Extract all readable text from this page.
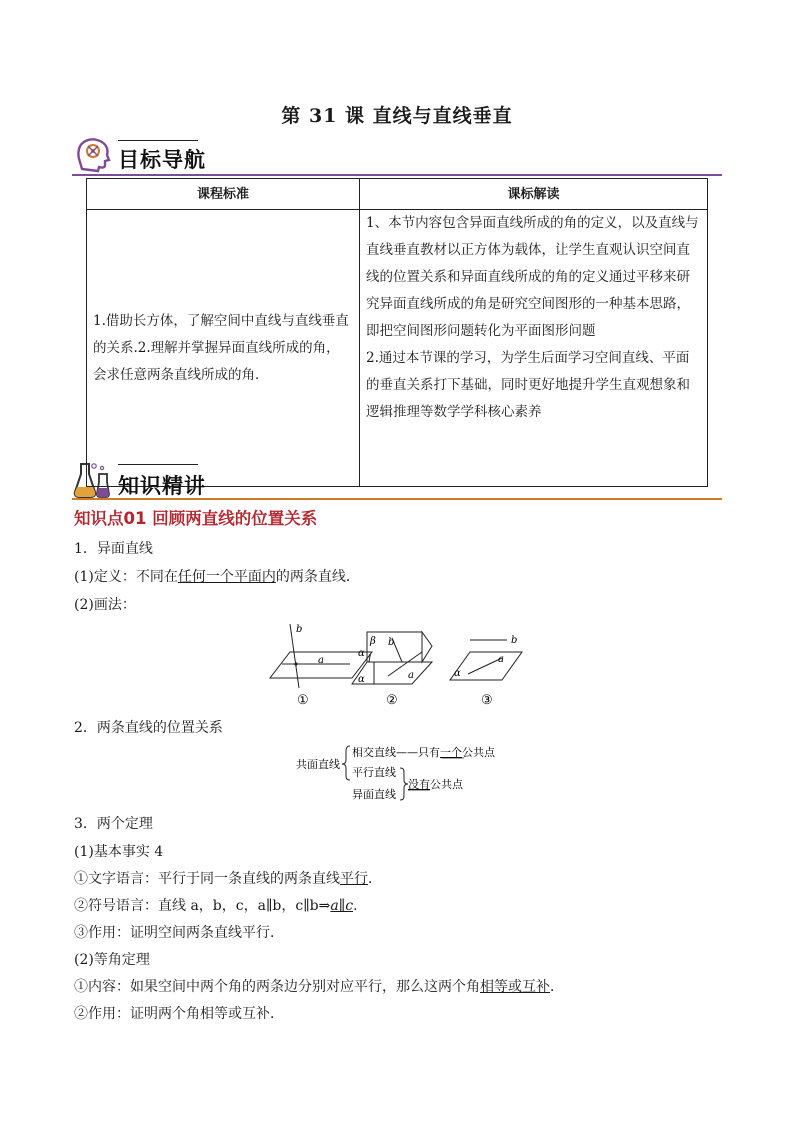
第 31 课 直线与直线垂直
目标导航
课程标准	课标解读

1.借助长方体，了解空间中直线与直线垂直的关系.2.理解并掌握异面直线所成的角，会求任意两条直线所成的角．	1、本节内容包含异面直线所成的角的定义，以及直线与直线垂直教材以正方体为载体，让学生直观认识空间直线的位置关系和异面直线所成的角的定义通过平移来研究异面直线所成的角是研究空间图形的一种基本思路，即把空间图形问题转化为平面图形问题
2.通过本节课的学习，为学生后面学习空间直线、平面的垂直关系打下基础，同时更好地提升学生直观想象和逻辑推理等数学学科核心素养
知识精讲
知识点01 回顾两直线的位置关系
1．异面直线
(1)定义：不同在任何一个平面内的两条直线．
(2)画法：
b
α
a
①
β b
l
a
α
②
b
a
α
③
2．两条直线的位置关系
共面直线
相交直线——只有一个公共点
平行直线
异面直线
没有公共点
3．两个定理
(1)基本事实 4
①文字语言：平行于同一条直线的两条直线平行．
②符号语言：直线 a，b，c，a∥b，c∥b⇒a∥c.
③作用：证明空间两条直线平行．
(2)等角定理
①内容：如果空间中两个角的两条边分别对应平行，那么这两个角相等或互补．
②作用：证明两个角相等或互补．
